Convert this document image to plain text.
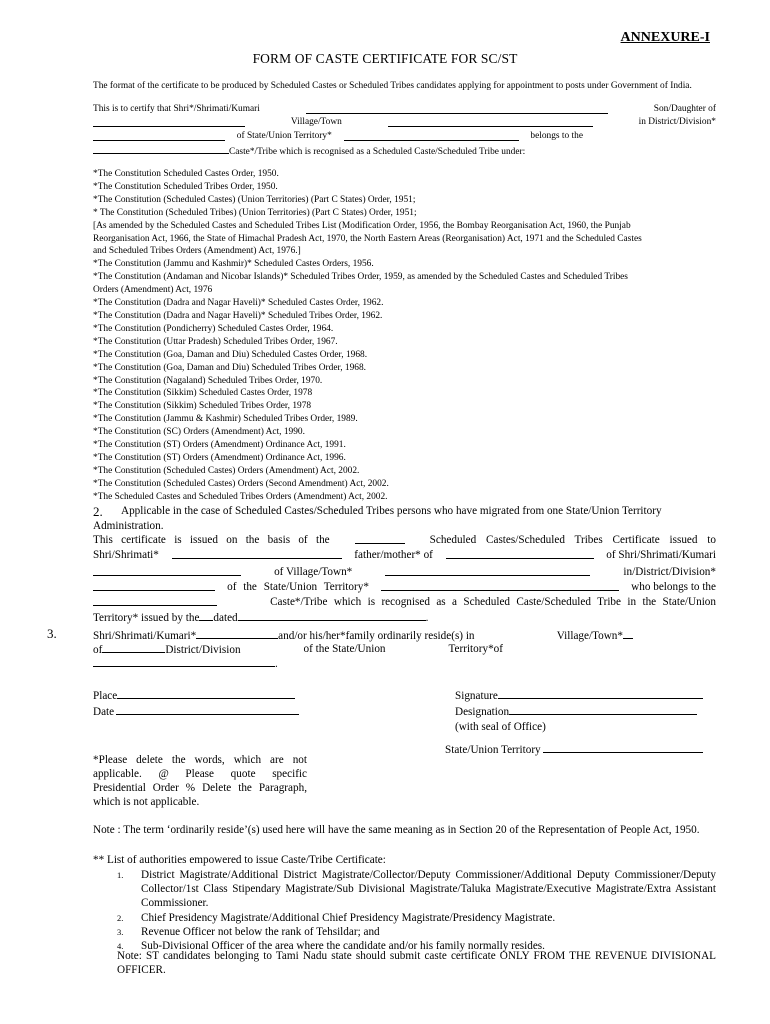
ANNEXURE-I
FORM OF CASTE CERTIFICATE FOR SC/ST
The format of the certificate to be produced by Scheduled Castes or Scheduled Tribes candidates applying for appointment to posts under Government of India.
This is to certify that Shri*/Shrimati/Kumari	Son/Daughter of
Village/Town	in District/Division*
of State/Union Territory*	belongs to the
Caste*/Tribe which is recognised as a Scheduled Caste/Scheduled Tribe under:
*The Constitution Scheduled Castes Order, 1950.
*The Constitution Scheduled Tribes Order, 1950.
*The Constitution (Scheduled Castes) (Union Territories) (Part C States) Order, 1951;
* The Constitution (Scheduled Tribes) (Union Territories) (Part C States) Order, 1951;
[As amended by the Scheduled Castes and Scheduled Tribes List (Modification Order, 1956, the Bombay Reorganisation Act, 1960, the Punjab
Reorganisation Act, 1966, the State of Himachal Pradesh Act, 1970, the North Eastern Areas (Reorganisation) Act, 1971 and the Scheduled Castes
and Scheduled Tribes Orders (Amendment) Act, 1976.]
*The Constitution (Jammu and Kashmir)* Scheduled Castes Orders, 1956.
*The Constitution (Andaman and Nicobar Islands)* Scheduled Tribes Order, 1959, as amended by the Scheduled Castes and Scheduled Tribes
Orders (Amendment) Act, 1976
*The Constitution (Dadra and Nagar Haveli)* Scheduled Castes Order, 1962.
*The Constitution (Dadra and Nagar Haveli)* Scheduled Tribes Order, 1962.
*The Constitution (Pondicherry) Scheduled Castes Order, 1964.
*The Constitution (Uttar Pradesh) Scheduled Tribes Order, 1967.
*The Constitution (Goa, Daman and Diu) Scheduled Castes Order, 1968.
*The Constitution (Goa, Daman and Diu) Scheduled Tribes Order, 1968.
*The Constitution (Nagaland) Scheduled Tribes Order, 1970.
*The Constitution (Sikkim) Scheduled Castes Order, 1978
*The Constitution (Sikkim) Scheduled Tribes Order, 1978
*The Constitution (Jammu & Kashmir) Scheduled Tribes Order, 1989.
*The Constitution (SC) Orders (Amendment) Act, 1990.
*The Constitution (ST) Orders (Amendment) Ordinance Act, 1991.
*The Constitution (ST) Orders (Amendment) Ordinance Act, 1996.
*The Constitution (Scheduled Castes) Orders (Amendment) Act, 2002.
*The Constitution (Scheduled Castes) Orders (Second Amendment) Act, 2002.
*The Scheduled Castes and Scheduled Tribes Orders (Amendment) Act, 2002.
2.	Applicable in the case of Scheduled Castes/Scheduled Tribes persons who have migrated from one State/Union Territory
Administration.
This certificate is issued on the basis of the	Scheduled Castes/Scheduled Tribes Certificate issued to
Shri/Shrimati*	father/mother* of	of Shri/Shrimati/Kumari
of Village/Town*	in/District/Division*
of the State/Union Territory*	who belongs to the
Caste*/Tribe which is recognised as a Scheduled Caste/Scheduled Tribe in the State/Union
Territory* issued by the dated	.
3.	Shri/Shrimati/Kumari*	and/or his/her*family ordinarily reside(s) in	Village/Town*
of	District/Division	of the State/Union	Territory*of
.
Place
Date
Signature
Designation
(with seal of Office)
State/Union Territory
*Please delete the words, which are not applicable. @ Please quote specific Presidential Order % Delete the Paragraph, which is not applicable.
Note : The term ‘ordinarily reside’(s) used here will have the same meaning as in Section 20 of the Representation of People Act, 1950.
** List of authorities empowered to issue Caste/Tribe Certificate:
1.	District Magistrate/Additional District Magistrate/Collector/Deputy Commissioner/Additional Deputy Commissioner/Deputy Collector/1st Class Stipendary Magistrate/Sub Divisional Magistrate/Taluka Magistrate/Executive Magistrate/Extra Assistant Commissioner.
2.	Chief Presidency Magistrate/Additional Chief Presidency Magistrate/Presidency Magistrate.
3.	Revenue Officer not below the rank of Tehsildar; and
4.	Sub-Divisional Officer of the area where the candidate and/or his family normally resides.
Note: ST candidates belonging to Tami Nadu state should submit caste certificate ONLY FROM THE REVENUE DIVISIONAL OFFICER.
